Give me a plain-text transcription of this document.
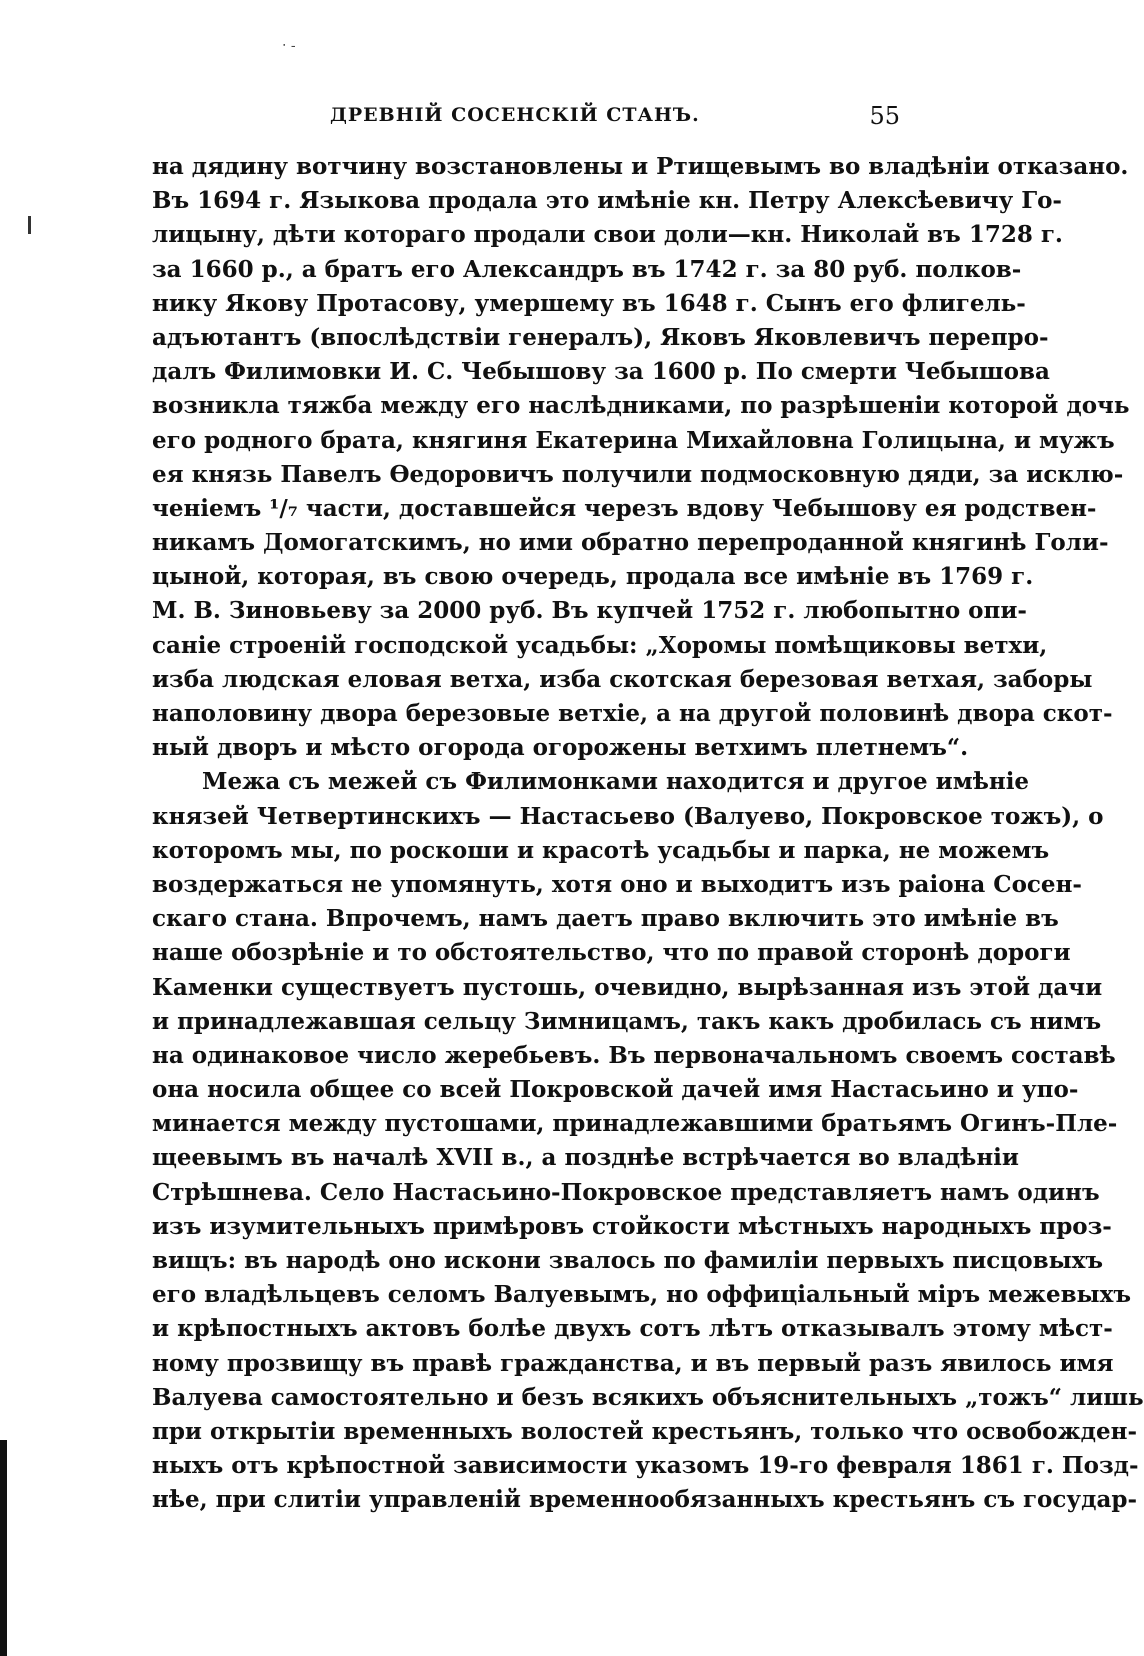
‧ ‐
ДРЕВНІЙ СОСЕНСКІЙ СТАНЪ.	55
на дядину вотчину возстановлены и Ртищевымъ во владѣніи отказано.
Въ 1694 г. Языкова продала это имѣніе кн. Петру Алексѣевичу Го-
лицыну, дѣти котораго продали свои доли—кн. Николай въ 1728 г.
за 1660 р., а братъ его Александръ въ 1742 г. за 80 руб. полков-
нику Якову Протасову, умершему въ 1648 г. Сынъ его флигель-
адъютантъ (впослѣдствіи генералъ), Яковъ Яковлевичъ перепро-
далъ Филимовки И. С. Чебышову за 1600 р. По смерти Чебышова
возникла тяжба между его наслѣдниками, по разрѣшеніи которой дочь
его родного брата, княгиня Екатерина Михайловна Голицына, и мужъ
ея князь Павелъ Ѳедоровичъ получили подмосковную дяди, за исклю-
ченіемъ ¹/₇ части, доставшейся черезъ вдову Чебышову ея родствен-
никамъ Домогатскимъ, но ими обратно перепроданной княгинѣ Голи-
цыной, которая, въ свою очередь, продала все имѣніе въ 1769 г.
М. В. Зиновьеву за 2000 руб. Въ купчей 1752 г. любопытно опи-
саніе строеній господской усадьбы: „Хоромы помѣщиковы ветхи,
изба людская еловая ветха, изба скотская березовая ветхая, заборы
наполовину двора березовые ветхіе, а на другой половинѣ двора скот-
ный дворъ и мѣсто огорода огорожены ветхимъ плетнемъ“.
Межа съ межей съ Филимонками находится и другое имѣніе
князей Четвертинскихъ — Настасьево (Валуево, Покровское тожъ), о
которомъ мы, по роскоши и красотѣ усадьбы и парка, не можемъ
воздержаться не упомянуть, хотя оно и выходитъ изъ раіона Сосен-
скаго стана. Впрочемъ, намъ даетъ право включить это имѣніе въ
наше обозрѣніе и то обстоятельство, что по правой сторонѣ дороги
Каменки существуетъ пустошь, очевидно, вырѣзанная изъ этой дачи
и принадлежавшая сельцу Зимницамъ, такъ какъ дробилась съ нимъ
на одинаковое число жеребьевъ. Въ первоначальномъ своемъ составѣ
она носила общее со всей Покровской дачей имя Настасьино и упо-
минается между пустошами, принадлежавшими братьямъ Огинъ-Пле-
щеевымъ въ началѣ XVII в., а позднѣе встрѣчается во владѣніи
Стрѣшнева. Село Настасьино-Покровское представляетъ намъ одинъ
изъ изумительныхъ примѣровъ стойкости мѣстныхъ народныхъ проз-
вищъ: въ народѣ оно искони звалось по фамиліи первыхъ писцовыхъ
его владѣльцевъ селомъ Валуевымъ, но оффиціальный міръ межевыхъ
и крѣпостныхъ актовъ болѣе двухъ сотъ лѣтъ отказывалъ этому мѣст-
ному прозвищу въ правѣ гражданства, и въ первый разъ явилось имя
Валуева самостоятельно и безъ всякихъ объяснительныхъ „тожъ“ лишь
при открытіи временныхъ волостей крестьянъ, только что освобожден-
ныхъ отъ крѣпостной зависимости указомъ 19-го февраля 1861 г. Позд-
нѣе, при слитіи управленій временнообязанныхъ крестьянъ съ государ-
